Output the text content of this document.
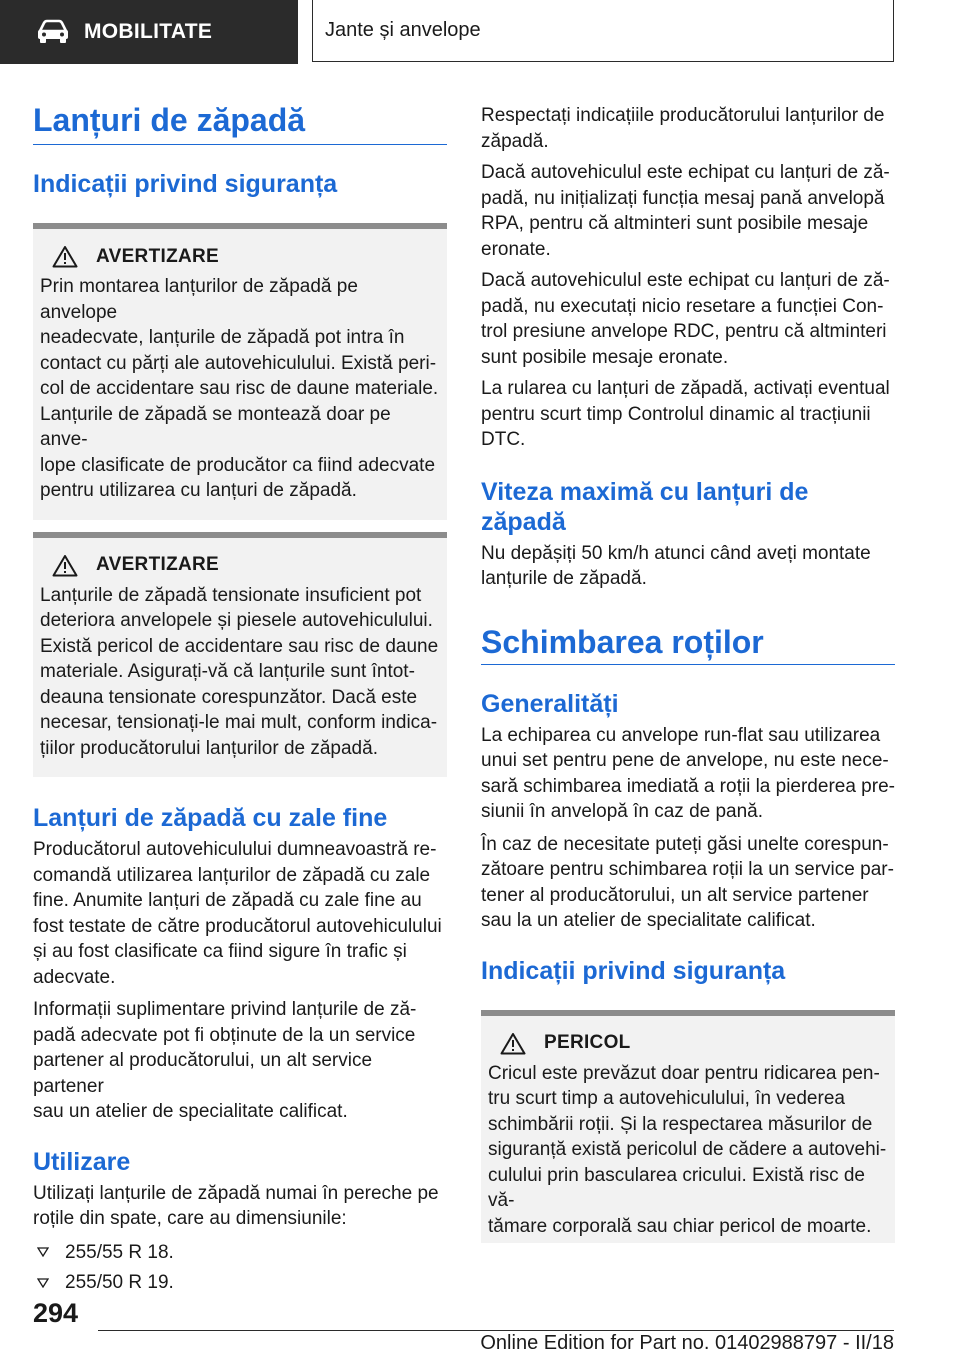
MOBILITATE	Jante și anvelope
Lanțuri de zăpadă
Indicații privind siguranța
AVERTIZARE

Prin montarea lanțurilor de zăpadă pe anvelope
neadecvate, lanțurile de zăpadă pot intra în
contact cu părți ale autovehiculului. Există peri-
col de accidentare sau risc de daune materiale.
Lanțurile de zăpadă se montează doar pe anve-
lope clasificate de producător ca fiind adecvate
pentru utilizarea cu lanțuri de zăpadă.

AVERTIZARE

Lanțurile de zăpadă tensionate insuficient pot
deteriora anvelopele și piesele autovehiculului.
Există pericol de accidentare sau risc de daune
materiale. Asigurați-vă că lanțurile sunt întot-
deauna tensionate corespunzător. Dacă este
necesar, tensionați-le mai mult, conform indica-
țiilor producătorului lanțurilor de zăpadă.

Lanțuri de zăpadă cu zale fine

Producătorul autovehiculului dumneavoastră re-
comandă utilizarea lanțurilor de zăpadă cu zale
fine. Anumite lanțuri de zăpadă cu zale fine au
fost testate de către producătorul autovehiculului
și au fost clasificate ca fiind sigure în trafic și
adecvate.

Informații suplimentare privind lanțurile de ză-
padă adecvate pot fi obținute de la un service
partener al producătorului, un alt service partener
sau un atelier de specialitate calificat.

Utilizare

Utilizați lanțurile de zăpadă numai în pereche pe
roțile din spate, care au dimensiunile:

255/55 R 18.
255/50 R 19.

Respectați indicațiile producătorului lanțurilor de
zăpadă.

Dacă autovehiculul este echipat cu lanțuri de ză-
padă, nu inițializați funcția mesaj pană anvelopă
RPA, pentru că altminteri sunt posibile mesaje
eronate.

Dacă autovehiculul este echipat cu lanțuri de ză-
padă, nu executați nicio resetare a funcției Con-
trol presiune anvelope RDC, pentru că altminteri
sunt posibile mesaje eronate.

La rularea cu lanțuri de zăpadă, activați eventual
pentru scurt timp Controlul dinamic al tracțiunii
DTC.

Viteza maximă cu lanțuri de
zăpadă

Nu depășiți 50 km/h atunci când aveți montate
lanțurile de zăpadă.

Schimbarea roților
Generalități

La echiparea cu anvelope run-flat sau utilizarea
unui set pentru pene de anvelope, nu este nece-
sară schimbarea imediată a roții la pierderea pre-
siunii în anvelopă în caz de pană.

În caz de necesitate puteți găsi unelte corespun-
zătoare pentru schimbarea roții la un service par-
tener al producătorului, un alt service partener
sau la un atelier de specialitate calificat.

Indicații privind siguranța
PERICOL

Cricul este prevăzut doar pentru ridicarea pen-
tru scurt timp a autovehiculului, în vederea
schimbării roții. Și la respectarea măsurilor de
siguranță există pericolul de cădere a autovehi-
culului prin bascularea cricului. Există risc de vă-
tămare corporală sau chiar pericol de moarte.

294
Online Edition for Part no. 01402988797 - II/18
